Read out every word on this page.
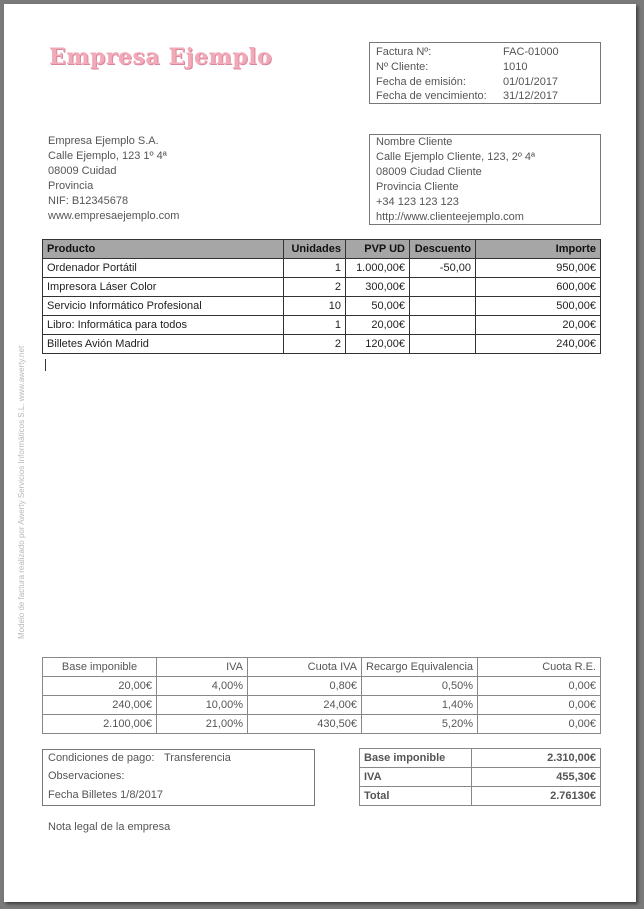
Empresa Ejemplo	Factura Nº:	FAC-01000
Nº Cliente:	1010
Fecha de emisión:	01/01/2017
Fecha de vencimiento: 31/12/2017
Empresa Ejemplo S.A.
Calle Ejemplo, 123 1º 4ª
08009 Cuidad
Provincia
NIF: B12345678
www.empresaejemplo.com
Nombre Cliente
Calle Ejemplo Cliente, 123, 2º 4ª
08009 Ciudad Cliente
Provincia Cliente
+34 123 123 123
http://www.clienteejemplo.com
Producto	Unidades	PVP UD	Descuento	Importe
Ordenador Portátil	1	1.000,00€	-50,00	950,00€
Impresora Láser Color	2	300,00€		600,00€
Servicio Informático Profesional	10	50,00€		500,00€
Libro: Informática para todos	1	20,00€		20,00€
Billetes Avión Madrid	2	120,00€		240,00€
Modelo de factura realizado por Awerty Servicios Informáticos S.L. www.awerty.net
Base imponible	IVA	Cuota IVA	Recargo Equivalencia	Cuota R.E.
20,00€	4,00%	0,80€	0,50%	0,00€
240,00€	10,00%	24,00€	1,40%	0,00€
2.100,00€	21,00%	430,50€	5,20%	0,00€
Condiciones de pago: Transferencia
Observaciones:
Fecha Billetes 1/8/2017
Base imponible	2.310,00€
IVA	455,30€
Total	2.76130€
Nota legal de la empresa
